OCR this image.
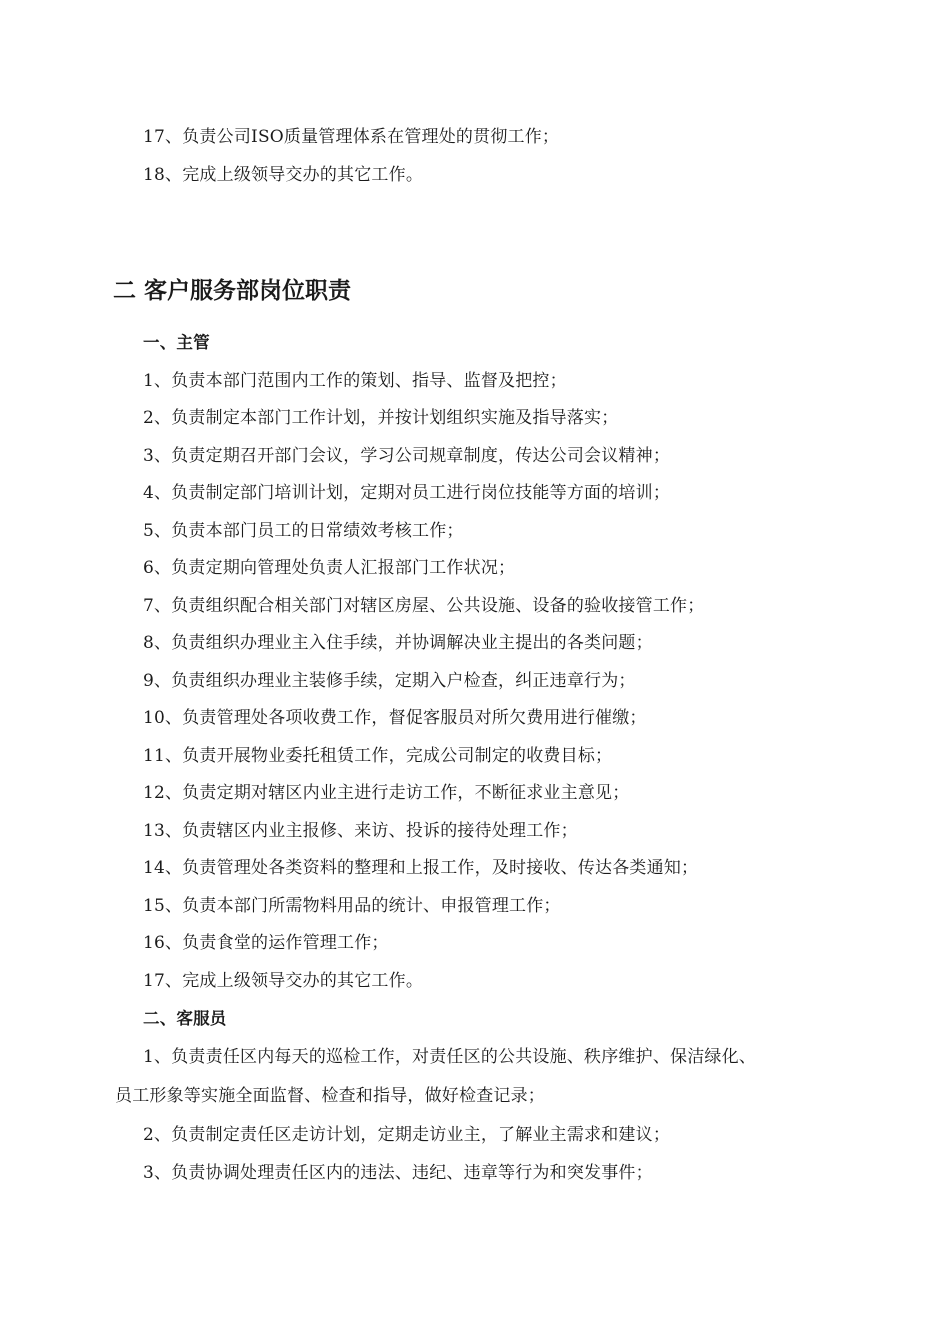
17、负责公司ISO质量管理体系在管理处的贯彻工作；
18、完成上级领导交办的其它工作。
二 客户服务部岗位职责
一、主管
1、负责本部门范围内工作的策划、指导、监督及把控；
2、负责制定本部门工作计划，并按计划组织实施及指导落实；
3、负责定期召开部门会议，学习公司规章制度，传达公司会议精神；
4、负责制定部门培训计划，定期对员工进行岗位技能等方面的培训；
5、负责本部门员工的日常绩效考核工作；
6、负责定期向管理处负责人汇报部门工作状况；
7、负责组织配合相关部门对辖区房屋、公共设施、设备的验收接管工作；
8、负责组织办理业主入住手续，并协调解决业主提出的各类问题；
9、负责组织办理业主装修手续，定期入户检查，纠正违章行为；
10、负责管理处各项收费工作，督促客服员对所欠费用进行催缴；
11、负责开展物业委托租赁工作，完成公司制定的收费目标；
12、负责定期对辖区内业主进行走访工作，不断征求业主意见；
13、负责辖区内业主报修、来访、投诉的接待处理工作；
14、负责管理处各类资料的整理和上报工作，及时接收、传达各类通知；
15、负责本部门所需物料用品的统计、申报管理工作；
16、负责食堂的运作管理工作；
17、完成上级领导交办的其它工作。
二、客服员
1、负责责任区内每天的巡检工作，对责任区的公共设施、秩序维护、保洁绿化、
员工形象等实施全面监督、检查和指导，做好检查记录；
2、负责制定责任区走访计划，定期走访业主，了解业主需求和建议；
3、负责协调处理责任区内的违法、违纪、违章等行为和突发事件；
